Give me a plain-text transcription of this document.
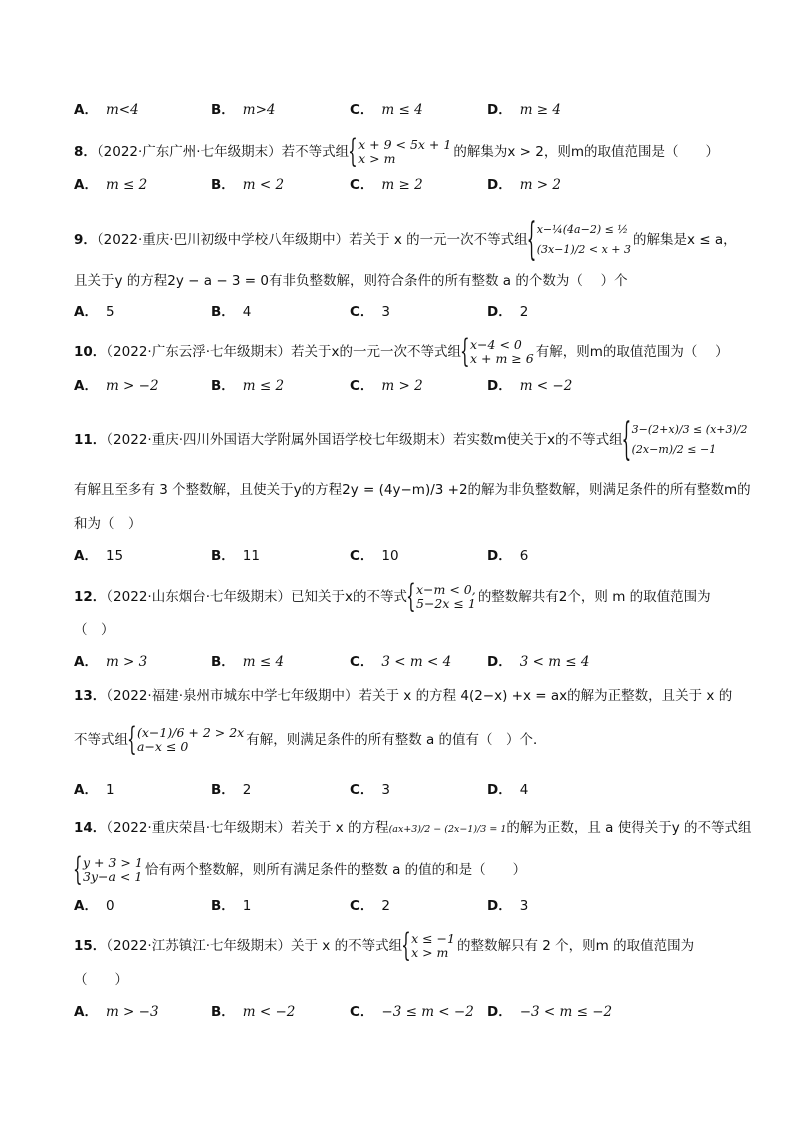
A． m<4	B． m>4	C． m ≤ 4	D． m ≥ 4
8．（2022·广东广州·七年级期末）若不等式组 { x + 9 < 5x + 1
x > m	的解集为x > 2，则m的取值范围是（　　）
A． m ≤ 2	B． m < 2	C． m ≥ 2	D． m > 2
9．（2022·重庆·巴川初级中学校八年级期中）若关于 x 的一元一次不等式组
{ x−¼(4a−2) ≤ ½
(3x−1)/2 < x + 3
的解集是x ≤ a，
且关于y 的方程2y − a − 3 = 0有非负整数解，则符合条件的所有整数 a 的个数为（　 ）个
A． 5	B． 4	C． 3	D． 2
10．（2022·广东云浮·七年级期末）若关于x的一元一次不等式组 { x−4 < 0
x + m ≥ 6 有解，则m的取值范围为（　 ）
A． m > −2	B． m ≤ 2	C． m > 2	D． m < −2
11．（2022·重庆·四川外国语大学附属外国语学校七年级期末）若实数m使关于x的不等式组
{ 3−(2+x)/3 ≤ (x+3)/2
(2x−m)/2 ≤ −1
有解且至多有 3 个整数解，且使关于y的方程2y = (4y−m)/3 +2的解为非负整数解，则满足条件的所有整数m的
和为（　）
A． 15	B． 11	C． 10	D． 6
12．（2022·山东烟台·七年级期末）已知关于x的不等式 { x−m < 0,
5−2x ≤ 1 的整数解共有2个，则 m 的取值范围为
（　）
A． m > 3	B． m ≤ 4	C． 3 < m < 4	D． 3 < m ≤ 4
13．（2022·福建·泉州市城东中学七年级期中）若关于 x 的方程 4(2−x) +x = ax的解为正整数，且关于 x 的
不等式组 { (x−1)/6 + 2 > 2x
a−x ≤ 0	有解，则满足条件的所有整数 a 的值有（　）个．
A． 1	B． 2	C． 3	D． 4
14．（2022·重庆荣昌·七年级期末）若关于 x 的方程(ax+3)/2 − (2x−1)/3 = 1的解为正数，且 a 使得关于y 的不等式组
{ y + 3 > 1
3y−a < 1 恰有两个整数解，则所有满足条件的整数 a 的值的和是（　　）
A． 0	B． 1	C． 2	D． 3
15．（2022·江苏镇江·七年级期末）关于 x 的不等式组 { x ≤ −1
x > m 的整数解只有 2 个，则m 的取值范围为
（　　）
A． m > −3	B． m < −2	C． −3 ≤ m < −2 D． −3 < m ≤ −2
